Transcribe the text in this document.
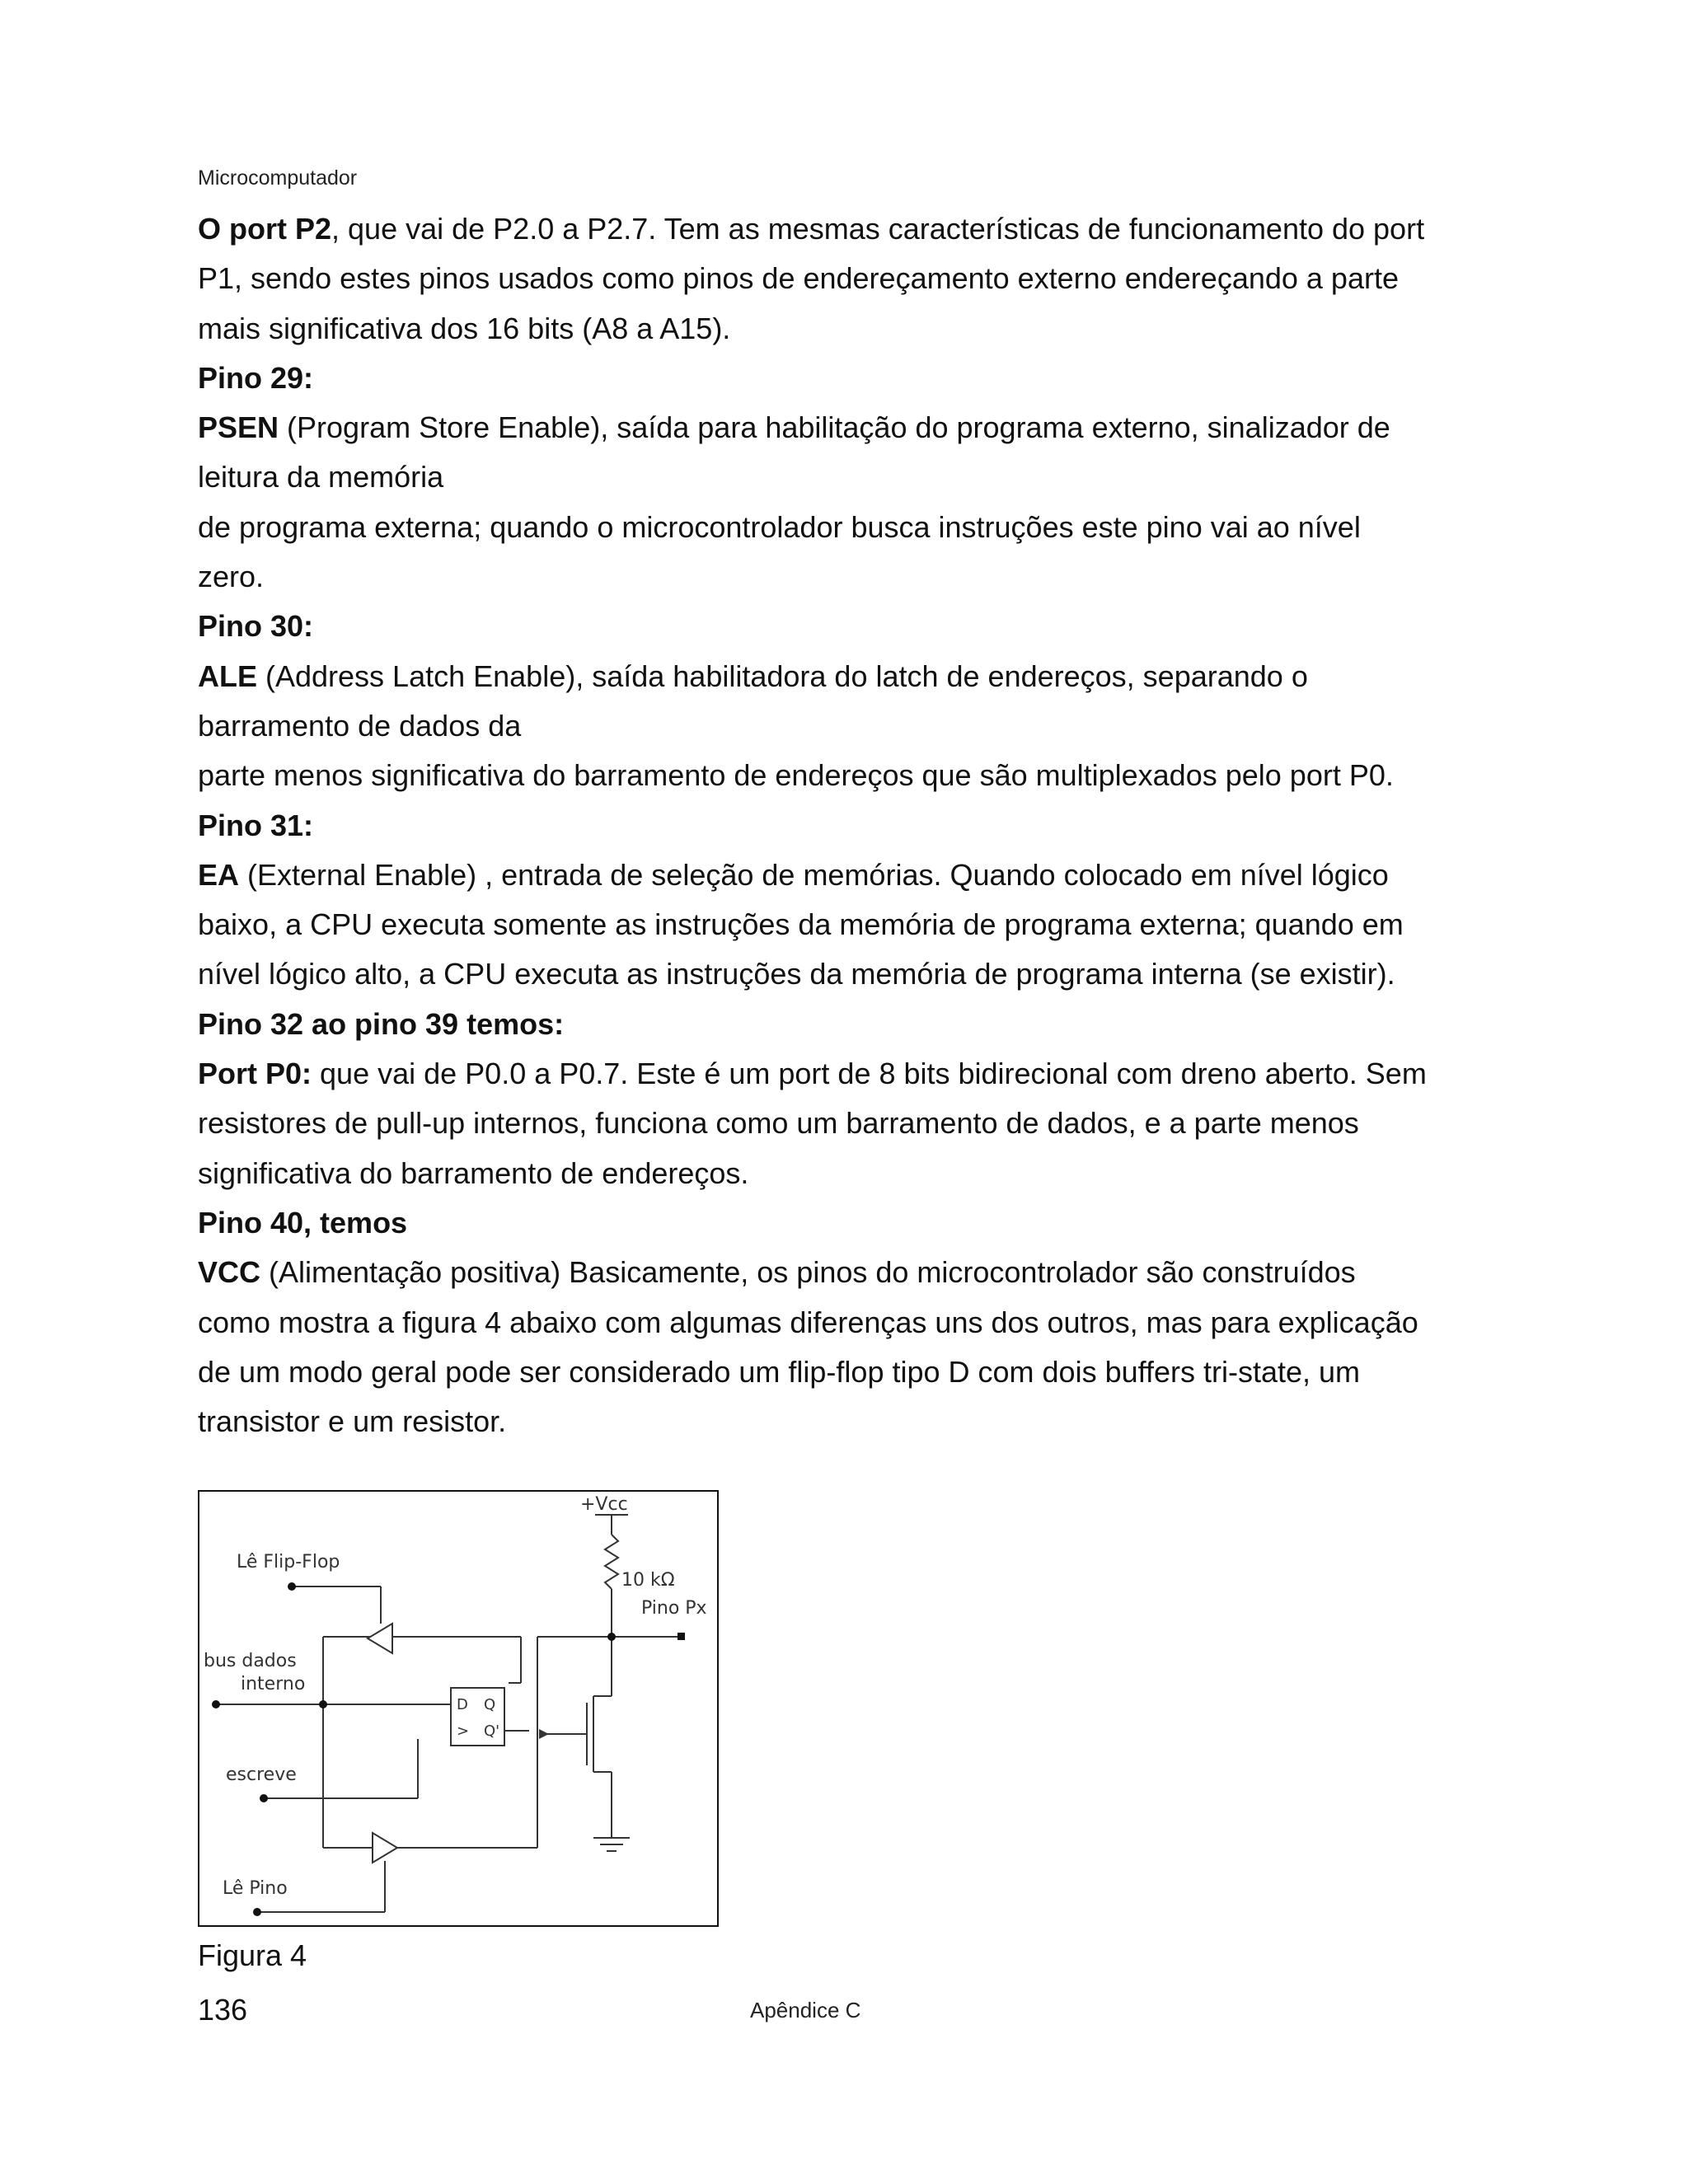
Microcomputador

O port P2, que vai de P2.0 a P2.7. Tem as mesmas características de funcionamento do port P1, sendo estes pinos usados como pinos de endereçamento externo endereçando a parte mais significativa dos 16 bits (A8 a A15).

Pino 29:

PSEN (Program Store Enable), saída para habilitação do programa externo, sinalizador de leitura da memória

de programa externa; quando o microcontrolador busca instruções este pino vai ao nível zero.

Pino 30:

ALE (Address Latch Enable), saída habilitadora do latch de endereços, separando o barramento de dados da

parte menos significativa do barramento de endereços que são multiplexados pelo port P0.

Pino 31:

EA (External Enable) , entrada de seleção de memórias. Quando colocado em nível lógico baixo, a CPU executa somente as instruções da memória de programa externa; quando em nível lógico alto, a CPU executa as instruções da memória de programa interna (se existir).

Pino 32 ao pino 39 temos:

Port P0: que vai de P0.0 a P0.7. Este é um port de 8 bits bidirecional com dreno aberto. Sem resistores de pull-up internos, funciona como um barramento de dados, e a parte menos significativa do barramento de endereços.

Pino 40, temos

VCC (Alimentação positiva) Basicamente, os pinos do microcontrolador são construídos como mostra a figura 4 abaixo com algumas diferenças uns dos outros, mas para explicação de um modo geral pode ser considerado um flip-flop tipo D com dois buffers tri-state, um transistor e um resistor.

+Vcc
Lê Flip-Flop
10 kΩ
Pino Px
bus dados
interno
D Q
Q'
>
escreve
Lê Pino
Figura 4
136	Apêndice C
